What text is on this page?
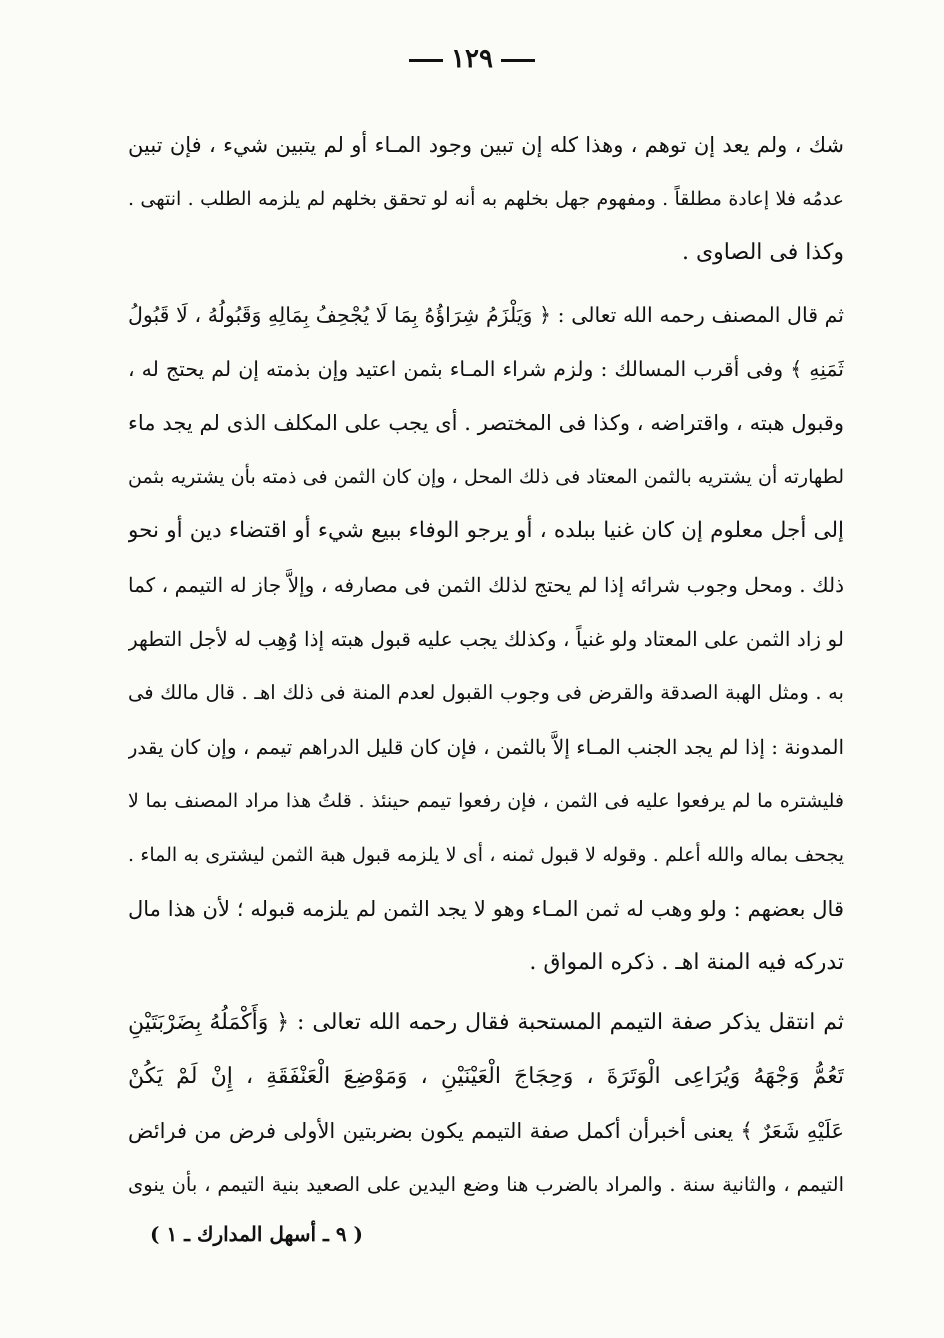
١٢٩
شك ، ولم يعد إن توهم ، وهذا كله إن تبين وجود المـاء أو لم يتبين شيء ، فإن تبين
عدمُه فلا إعادة مطلقاً . ومفهوم جهل بخلهم به أنه لو تحقق بخلهم لم يلزمه الطلب . انتهى .
وكذا فى الصاوى .
ثم قال المصنف رحمه الله تعالى : ﴿ وَيَلْزَمُ شِرَاؤُهُ بِمَا لَا يُجْحِفُ بِمَالِهِ وَقَبُولُهُ ، لَا قَبُولُ
ثَمَنِهِ ﴾ وفى أقرب المسالك : ولزم شراء المـاء بثمن اعتيد وإن بذمته إن لم يحتج له ،
وقبول هبته ، واقتراضه ، وكذا فى المختصر . أى يجب على المكلف الذى لم يجد ماء
لطهارته أن يشتريه بالثمن المعتاد فى ذلك المحل ، وإن كان الثمن فى ذمته بأن يشتريه بثمن
إلى أجل معلوم إن كان غنيا ببلده ، أو يرجو الوفاء ببيع شيء أو اقتضاء دين أو نحو
ذلك . ومحل وجوب شرائه إذا لم يحتج لذلك الثمن فى مصارفه ، وإلاَّ جاز له التيمم ، كما
لو زاد الثمن على المعتاد ولو غنياً ، وكذلك يجب عليه قبول هبته إذا وُهِب له لأجل التطهر
به . ومثل الهبة الصدقة والقرض فى وجوب القبول لعدم المنة فى ذلك اهـ . قال مالك فى
المدونة : إذا لم يجد الجنب المـاء إلاَّ بالثمن ، فإن كان قليل الدراهم تيمم ، وإن كان يقدر
فليشتره ما لم يرفعوا عليه فى الثمن ، فإن رفعوا تيمم حينئذ . قلتُ هذا مراد المصنف بما لا
يجحف بماله والله أعلم . وقوله لا قبول ثمنه ، أى لا يلزمه قبول هبة الثمن ليشترى به الماء .
قال بعضهم : ولو وهب له ثمن المـاء وهو لا يجد الثمن لم يلزمه قبوله ؛ لأن هذا مال
تدركه فيه المنة اهـ . ذكره المواق .
ثم انتقل يذكر صفة التيمم المستحبة فقال رحمه الله تعالى : ﴿ وَأَكْمَلُهُ بِضَرْبَتَيْنِ
تَعُمُّ وَجْهَهُ وَيُرَاعِى الْوَتَرَةَ ، وَحِجَاجَ الْعَيْنَيْنِ ، وَمَوْضِعَ الْعَنْفَقَةِ ، إِنْ لَمْ يَكُنْ
عَلَيْهِ شَعَرٌ ﴾ يعنى أخبرأن أكمل صفة التيمم يكون بضربتين الأولى فرض من فرائض
التيمم ، والثانية سنة . والمراد بالضرب هنا وضع اليدين على الصعيد بنية التيمم ، بأن ينوى
( ٩ ـ أسهل المدارك ـ ١ )
